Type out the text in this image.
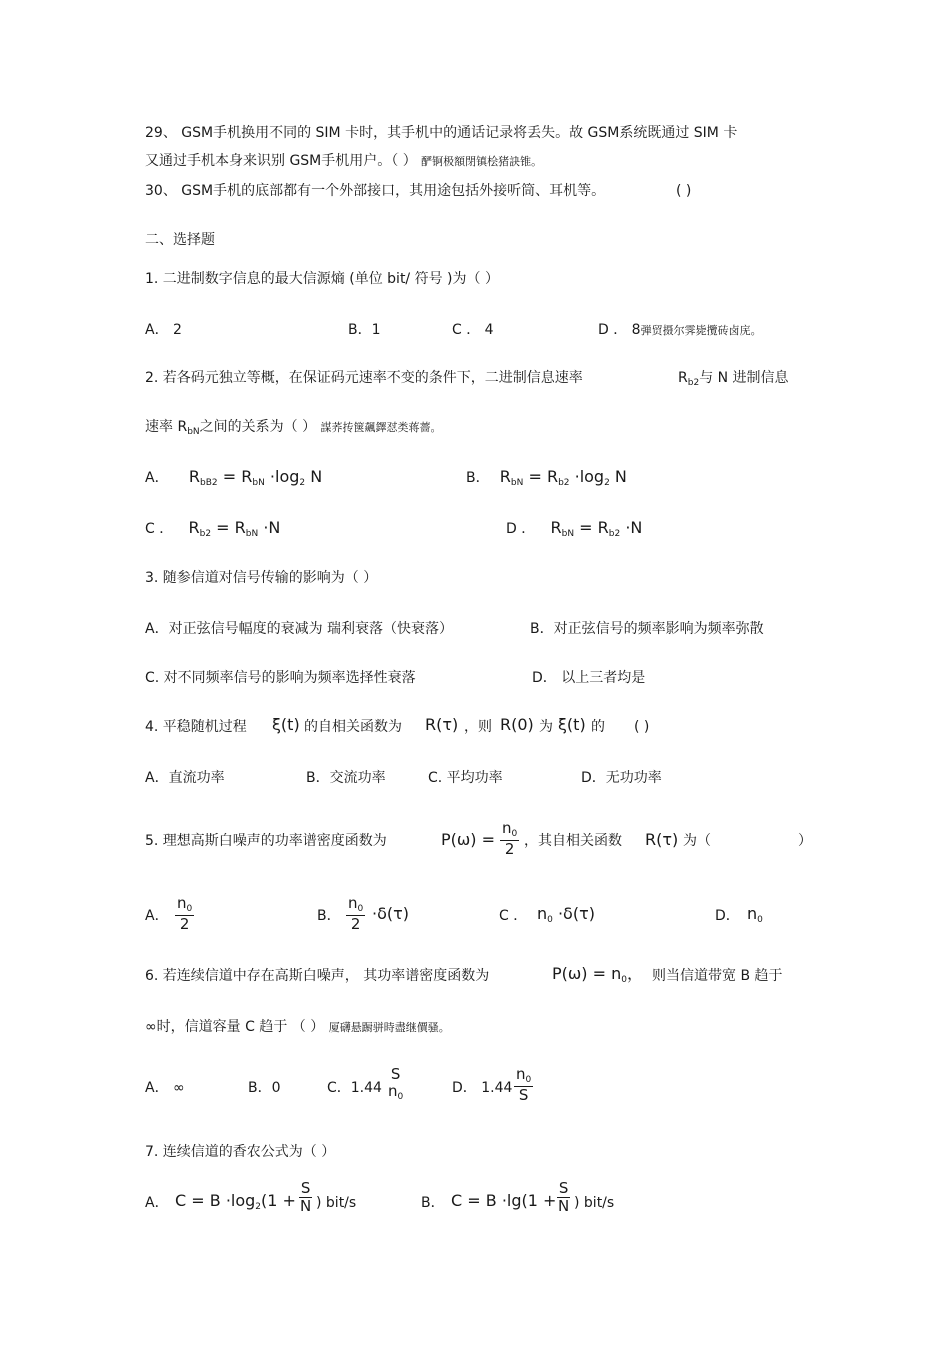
29、 GSM手机换用不同的 SIM 卡时，其手机中的通话记录将丢失。故 GSM系统既通过 SIM 卡
又通过手机本身来识别 GSM手机用户。（ ） 酽锕极額閉镇桧猪訣锥。
30、 GSM手机的底部都有一个外部接口，其用途包括外接听筒、耳机等。	( )
二、选择题
1. 二进制数字信息的最大信源熵 (单位 bit/ 符号 )为（ ）
A． 2	B．1	C ． 4	D ． 8弾贸摄尔霁毙攬砖卤庑。
2. 若各码元独立等概，在保证码元速率不变的条件下，二进制信息速率	$R_{b2}$与 N 进制信息
速率 $R_{bN}$之间的关系为（ ） 謀荞抟箧飆鐸怼类蒋薔。
A． RbB2 = RbN ·log2 N	B． RbN = Rb2 ·log2 N
C ． Rb2 = RbN ·N	D ． RbN = Rb2 ·N
3. 随参信道对信号传输的影响为（ ）
A．对正弦信号幅度的衰减为 瑞利衰落（快衰落）	B．对正弦信号的频率影响为频率弥散
C. 对不同频率信号的影响为频率选择性衰落	D． 以上三者均是
4. 平稳随机过程 ξ(t) 的自相关函数为 R(τ) ，则 R(0) 为 ξ(t) 的 ( )
A．直流功率	B．交流功率	C. 平均功率	D．无功功率
5. 理想高斯白噪声的功率谱密度函数为	$P(\omega) = \frac{n_0}{2}$ ，其自相关函数 R(τ) 为（	）
A． $\frac{n_0}{2}$	B． $\frac{n_0}{2} \cdot\delta(\tau)$	C ． n0 ·δ(τ)	D． n0
6. 若连续信道中存在高斯白噪声， 其功率谱密度函数为	P(ω) = n0， 则当信道带宽 B 趋于
∞时，信道容量 C 趋于 （ ） 厦礴悬蹰骈時盡继價骚。
A． ∞	B．0	C．1.44
S
$n_0$
D． $1.44 \frac{n_0}{S}$
7. 连续信道的香农公式为（ ）
A． $C = B \cdot\log 2(1 + \frac{S}{N}$ ) bit/s	B． $C = B \cdot\lg(1 + \frac{S}{N}$ ) bit/s
